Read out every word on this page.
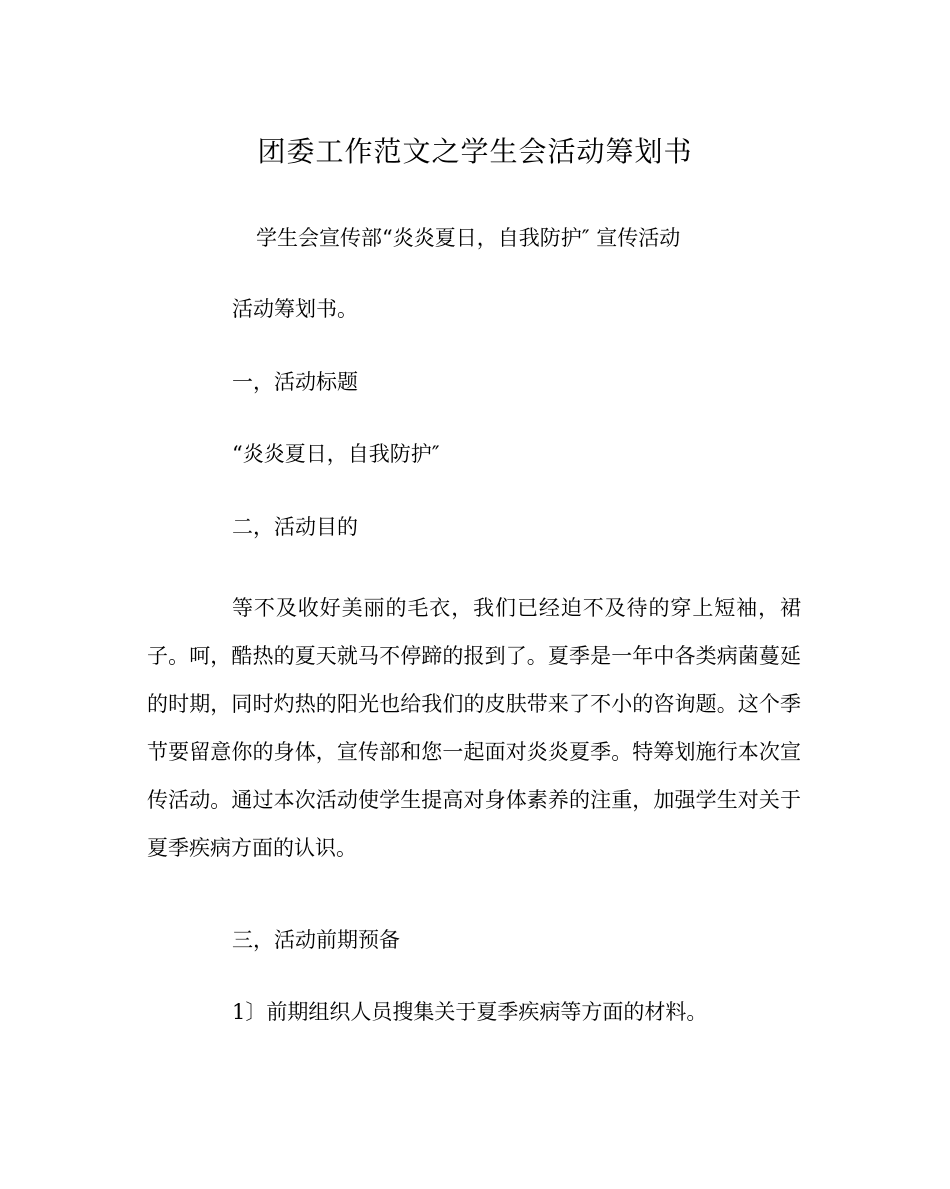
团委工作范文之学生会活动筹划书
学生会宣传部“炎炎夏日，自我防护″ 宣传活动
活动筹划书。
一，活动标题
“炎炎夏日，自我防护″
二，活动目的
等不及收好美丽的毛衣，我们已经迫不及待的穿上短袖，裙子。呵，酷热的夏天就马不停蹄的报到了。夏季是一年中各类病菌蔓延的时期，同时灼热的阳光也给我们的皮肤带来了不小的咨询题。这个季节要留意你的身体，宣传部和您一起面对炎炎夏季。特筹划施行本次宣传活动。通过本次活动使学生提高对身体素养的注重，加强学生对关于夏季疾病方面的认识。
三，活动前期预备
1〕前期组织人员搜集关于夏季疾病等方面的材料。
